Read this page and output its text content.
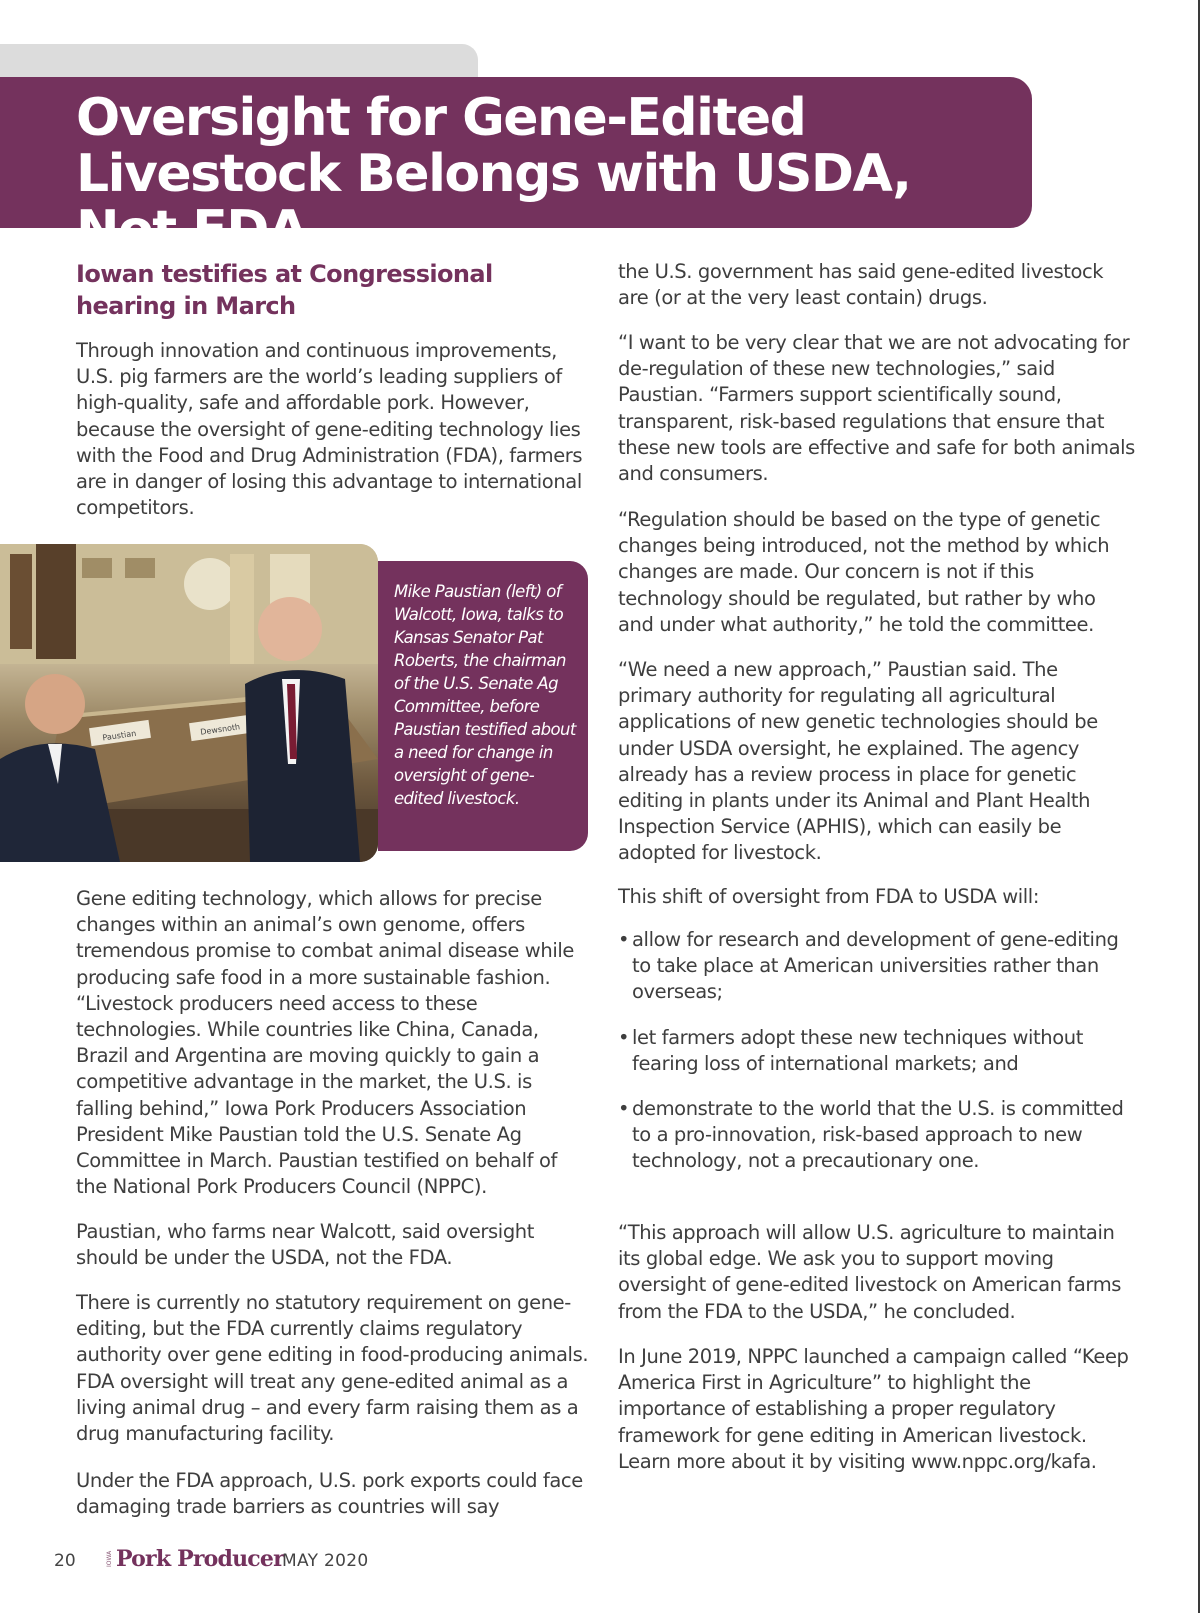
Oversight for Gene-Edited Livestock Belongs with USDA, Not FDA
Iowan testifies at Congressional hearing in March

Through innovation and continuous improvements, U.S. pig farmers are the world’s leading suppliers of high-quality, safe and affordable pork. However, because the oversight of gene-editing technology lies with the Food and Drug Administration (FDA), farmers are in danger of losing this advantage to international competitors.

Paustian	Dewsnoth

Mike Paustian (left) of Walcott, Iowa, talks to Kansas Senator Pat Roberts, the chairman of the U.S. Senate Ag Committee, before Paustian testified about a need for change in oversight of gene-edited livestock.

Gene editing technology, which allows for precise changes within an animal’s own genome, offers tremendous promise to combat animal disease while producing safe food in a more sustainable fashion. “Livestock producers need access to these technologies. While countries like China, Canada, Brazil and Argentina are moving quickly to gain a competitive advantage in the market, the U.S. is falling behind,” Iowa Pork Producers Association President Mike Paustian told the U.S. Senate Ag Committee in March. Paustian testified on behalf of the National Pork Producers Council (NPPC).

Paustian, who farms near Walcott, said oversight should be under the USDA, not the FDA.

There is currently no statutory requirement on gene-editing, but the FDA currently claims regulatory authority over gene editing in food-producing animals. FDA oversight will treat any gene-edited animal as a living animal drug – and every farm raising them as a drug manufacturing facility.

Under the FDA approach, U.S. pork exports could face damaging trade barriers as countries will say

the U.S. government has said gene-edited livestock are (or at the very least contain) drugs.

“I want to be very clear that we are not advocating for de-regulation of these new technologies,” said Paustian. “Farmers support scientifically sound, transparent, risk-based regulations that ensure that these new tools are effective and safe for both animals and consumers.

“Regulation should be based on the type of genetic changes being introduced, not the method by which changes are made. Our concern is not if this technology should be regulated, but rather by who and under what authority,” he told the committee.

“We need a new approach,” Paustian said. The primary authority for regulating all agricultural applications of new genetic technologies should be under USDA oversight, he explained. The agency already has a review process in place for genetic editing in plants under its Animal and Plant Health Inspection Service (APHIS), which can easily be adopted for livestock.

This shift of oversight from FDA to USDA will:

• allow for research and development of gene-editing to take place at American universities rather than overseas;
• let farmers adopt these new techniques without fearing loss of international markets; and
• demonstrate to the world that the U.S. is committed to a pro-innovation, risk-based approach to new technology, not a precautionary one.

“This approach will allow U.S. agriculture to maintain its global edge. We ask you to support moving oversight of gene-edited livestock on American farms from the FDA to the USDA,” he concluded.

In June 2019, NPPC launched a campaign called “Keep America First in Agriculture” to highlight the importance of establishing a proper regulatory framework for gene editing in American livestock. Learn more about it by visiting www.nppc.org/kafa.

20	IOWA Pork Producer
MAY 2020
